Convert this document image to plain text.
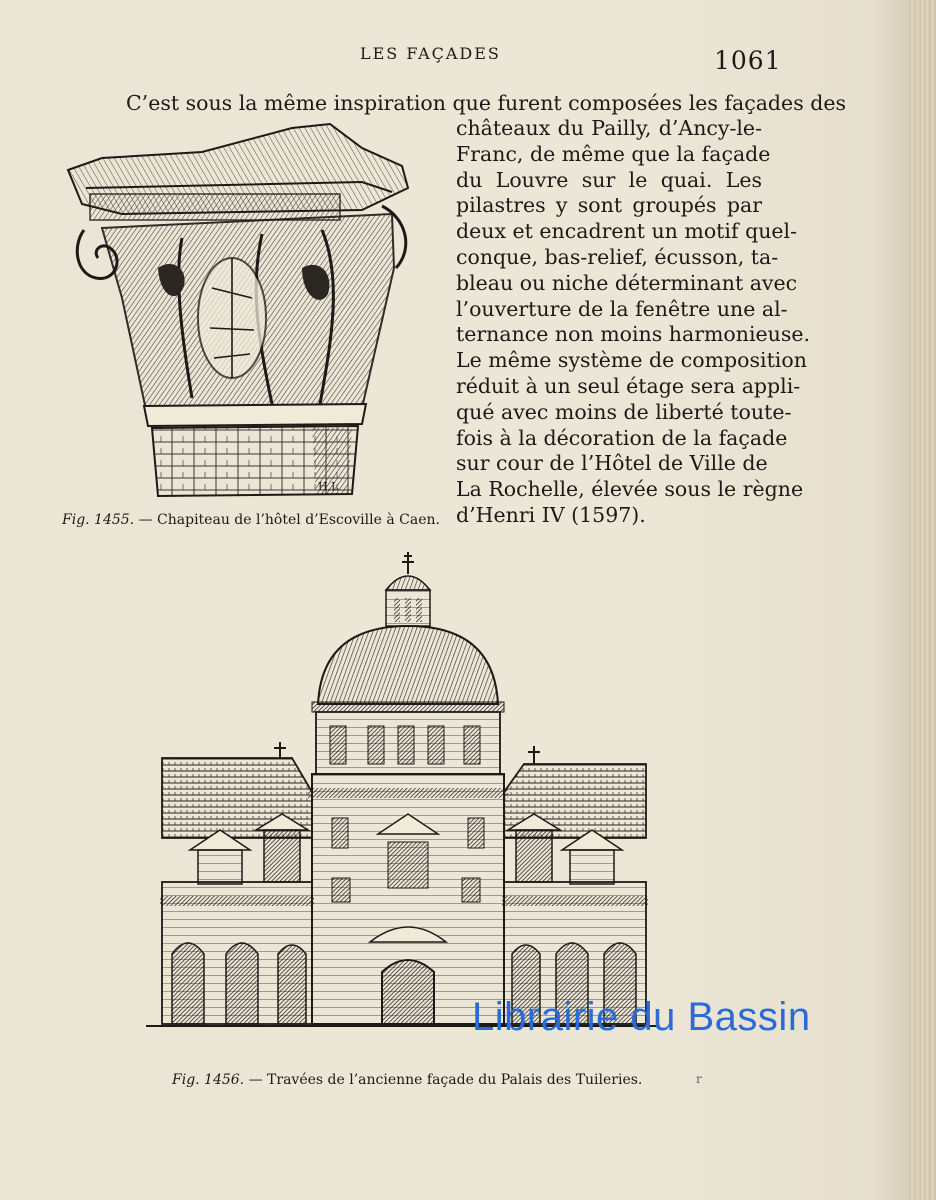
LES FAÇADES	1061
C’est sous la même inspiration que furent composées les façades des
châteaux du Pailly, d’Ancy-le-
Franc, de même que la façade
du Louvre sur le quai. Les
pilastres y sont groupés par
deux et encadrent un motif quel-
conque, bas-relief, écusson, ta-
bleau ou niche déterminant avec
l’ouverture de la fenêtre une al-
ternance non moins harmonieuse.
Le même système de composition
réduit à un seul étage sera appli-
qué avec moins de liberté toute-
fois à la décoration de la façade
sur cour de l’Hôtel de Ville de
La Rochelle, élevée sous le règne
d’Henri IV (1597).
H.L
Fig. 1455. — Chapiteau de l’hôtel d’Escoville à Caen.
Fig. 1456. — Travées de l’ancienne façade du Palais des Tuileries.	r
Librairie du Bassin
